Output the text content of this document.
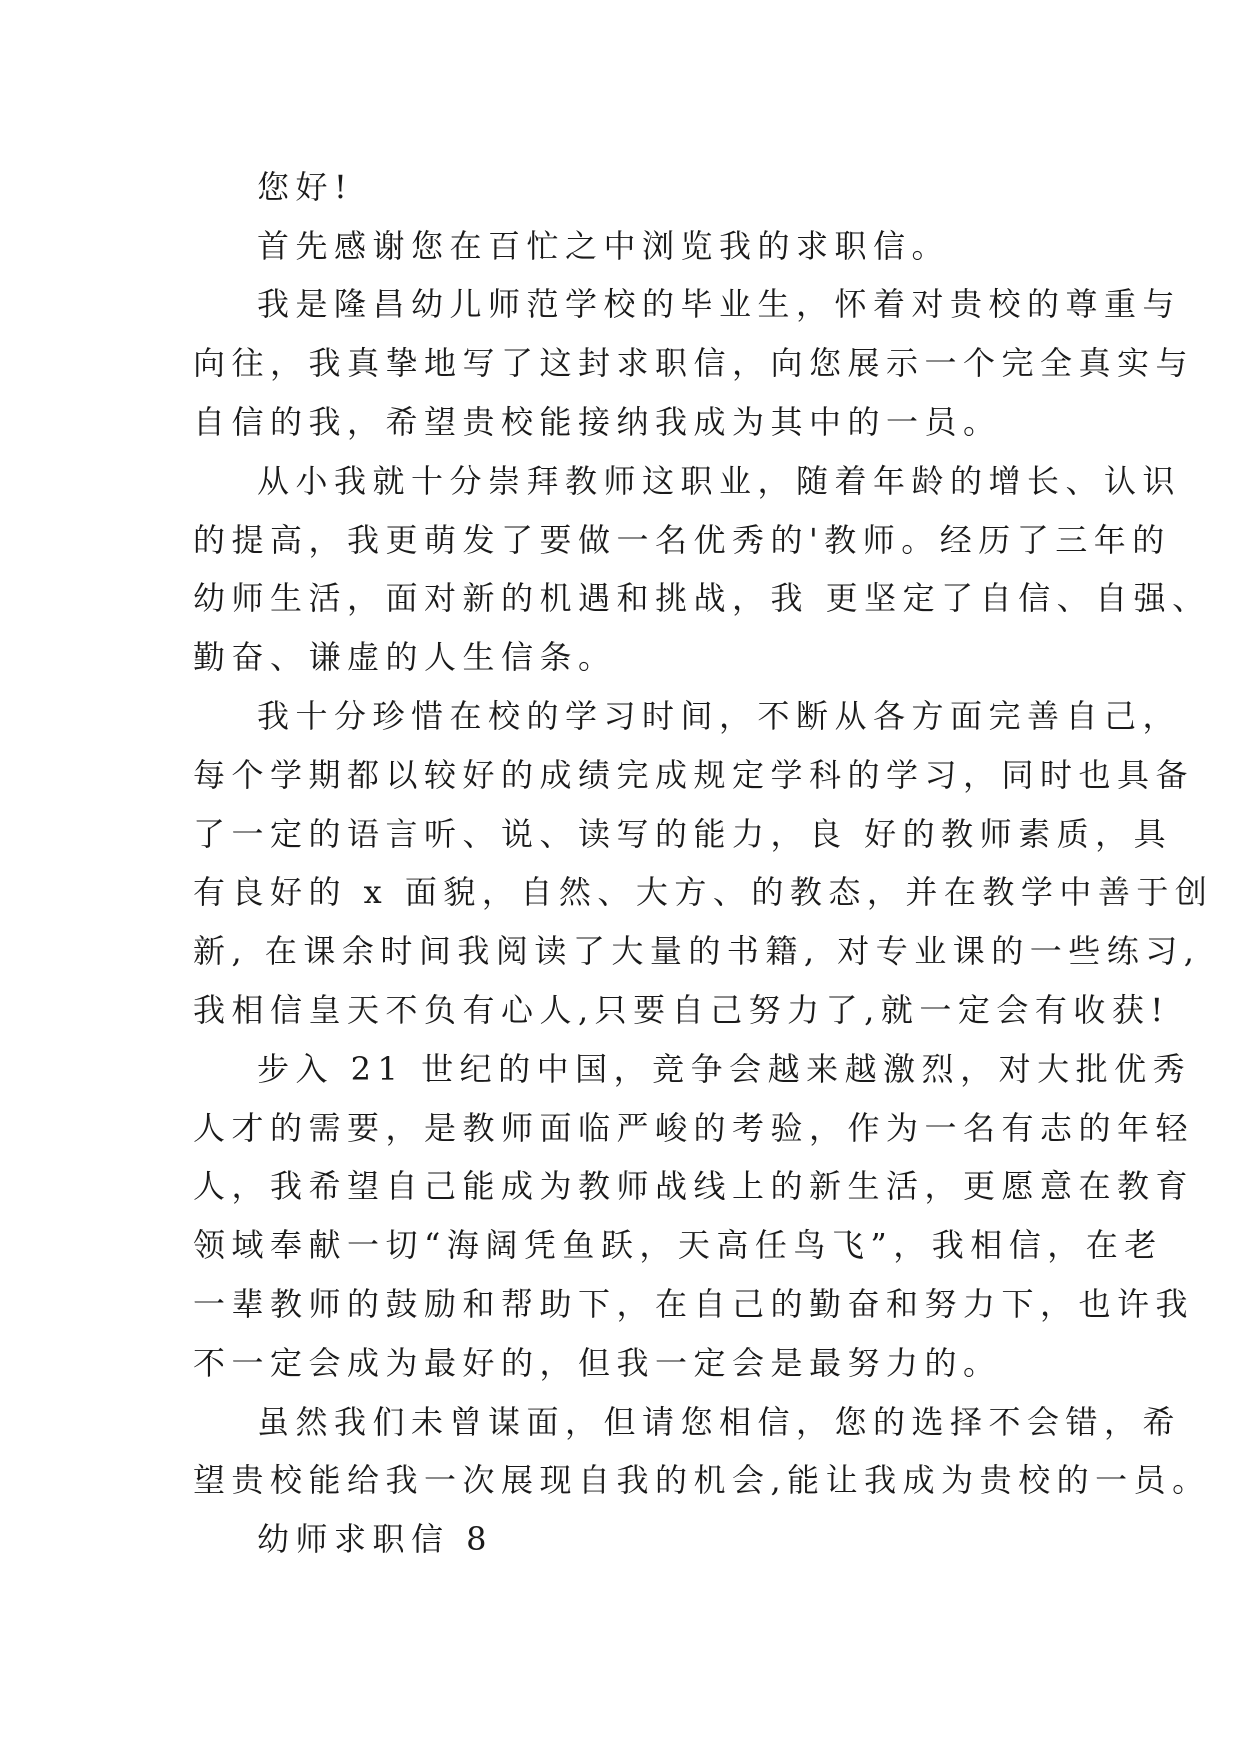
您好!
首先感谢您在百忙之中浏览我的求职信。
我是隆昌幼儿师范学校的毕业生，怀着对贵校的尊重与
向往，我真挚地写了这封求职信，向您展示一个完全真实与
自信的我，希望贵校能接纳我成为其中的一员。
从小我就十分崇拜教师这职业，随着年龄的增长、认识
的提高，我更萌发了要做一名优秀的'教师。经历了三年的
幼师生活，面对新的机遇和挑战，我 更坚定了自信、自强、
勤奋、谦虚的人生信条。
我十分珍惜在校的学习时间，不断从各方面完善自己，
每个学期都以较好的成绩完成规定学科的学习，同时也具备
了一定的语言听、说、读写的能力，良 好的教师素质，具
有良好的 x 面貌，自然、大方、的教态，并在教学中善于创
新, 在课余时间我阅读了大量的书籍, 对专业课的一些练习,
我相信皇天不负有心人,只要自己努力了,就一定会有收获!
步入 21 世纪的中国，竞争会越来越激烈，对大批优秀
人才的需要，是教师面临严峻的考验，作为一名有志的年轻
人，我希望自己能成为教师战线上的新生活，更愿意在教育
领域奉献一切“海阔凭鱼跃，天高任鸟飞”，我相信，在老
一辈教师的鼓励和帮助下，在自己的勤奋和努力下，也许我
不一定会成为最好的，但我一定会是最努力的。
虽然我们未曾谋面，但请您相信，您的选择不会错，希
望贵校能给我一次展现自我的机会,能让我成为贵校的一员。
幼师求职信 8
